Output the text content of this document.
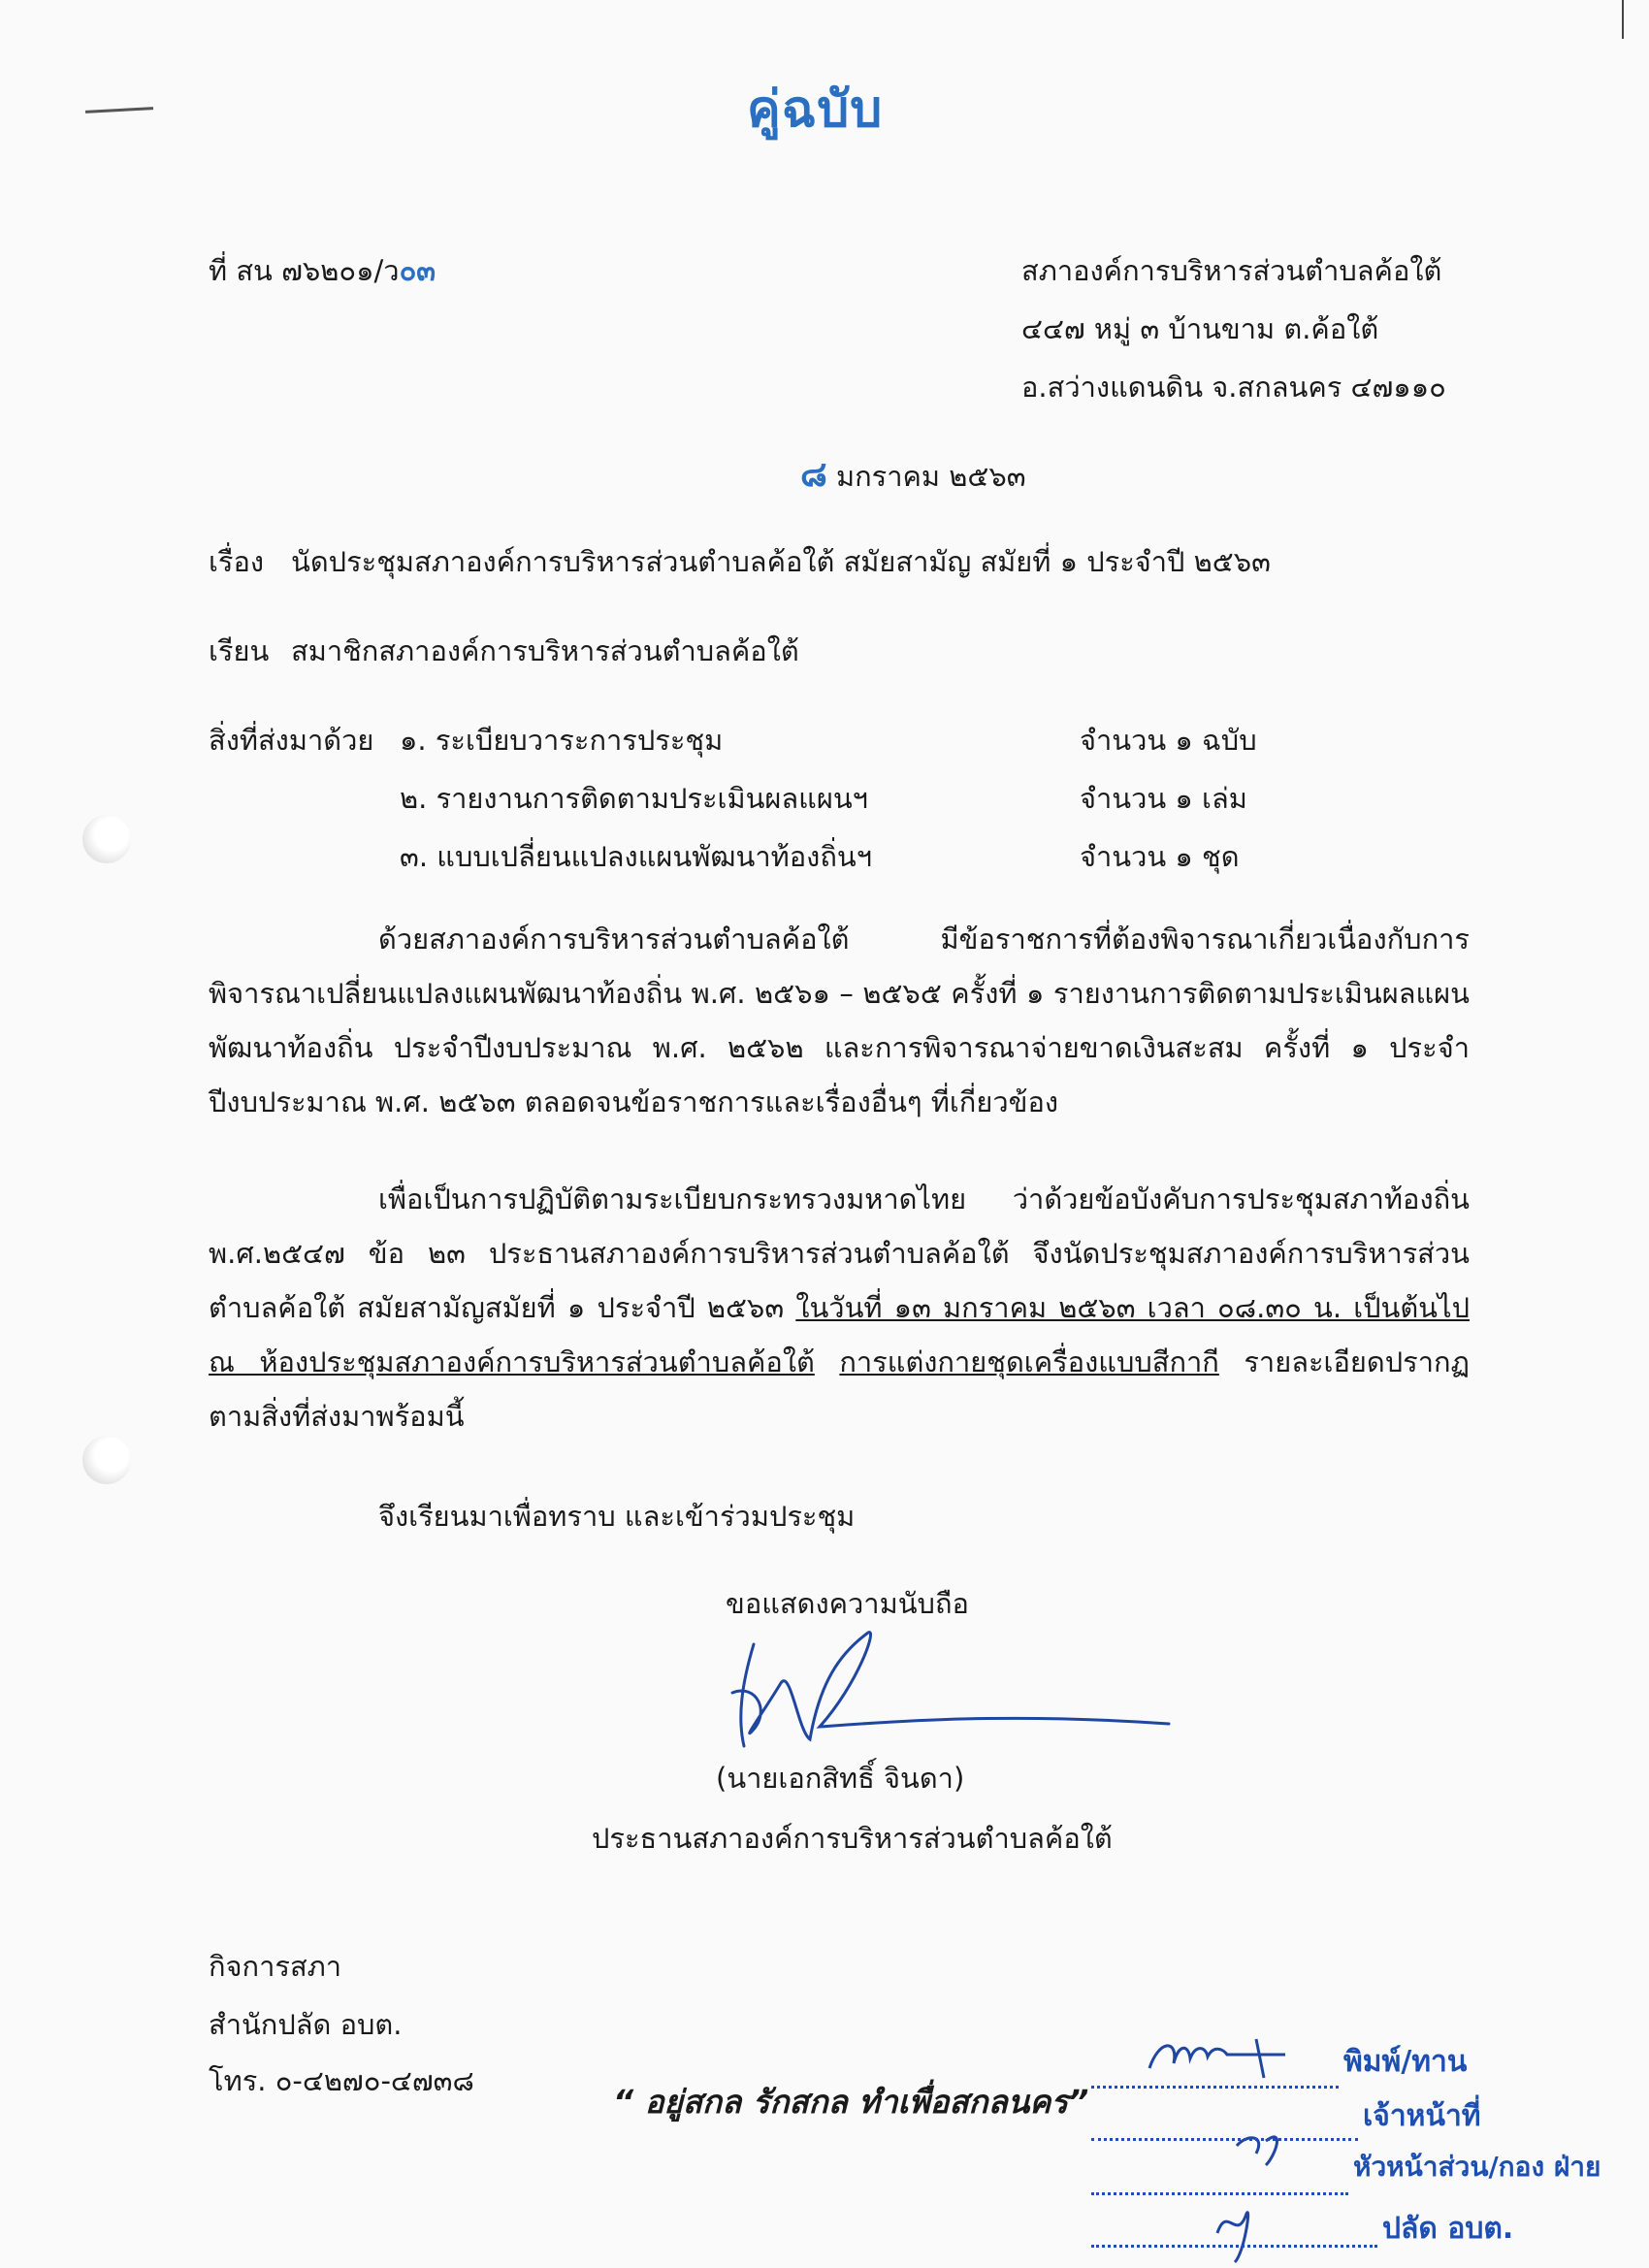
คู่ฉบับ
ที่ สน ๗๖๒๐๑/ว๐๓	สภาองค์การบริหารส่วนตำบลค้อใต้
๔๔๗ หมู่ ๓ บ้านขาม ต.ค้อใต้
อ.สว่างแดนดิน จ.สกลนคร ๔๗๑๑๐
๘ มกราคม ๒๕๖๓
เรื่อง นัดประชุมสภาองค์การบริหารส่วนตำบลค้อใต้ สมัยสามัญ สมัยที่ ๑ ประจำปี ๒๕๖๓
เรียน สมาชิกสภาองค์การบริหารส่วนตำบลค้อใต้
สิ่งที่ส่งมาด้วย ๑. ระเบียบวาระการประชุม	จำนวน ๑ ฉบับ
๒. รายงานการติดตามประเมินผลแผนฯ	จำนวน ๑ เล่ม
๓. แบบเปลี่ยนแปลงแผนพัฒนาท้องถิ่นฯ	จำนวน ๑ ชุด
ด้วยสภาองค์การบริหารส่วนตำบลค้อใต้ มีข้อราชการที่ต้องพิจารณาเกี่ยวเนื่องกับการพิจารณาเปลี่ยนแปลงแผนพัฒนาท้องถิ่น พ.ศ. ๒๕๖๑ – ๒๕๖๕ ครั้งที่ ๑ รายงานการติดตามประเมินผลแผนพัฒนาท้องถิ่น ประจำปีงบประมาณ พ.ศ. ๒๕๖๒ และการพิจารณาจ่ายขาดเงินสะสม ครั้งที่ ๑ ประจำปีงบประมาณ พ.ศ. ๒๕๖๓ ตลอดจนข้อราชการและเรื่องอื่นๆ ที่เกี่ยวข้อง
เพื่อเป็นการปฏิบัติตามระเบียบกระทรวงมหาดไทย ว่าด้วยข้อบังคับการประชุมสภาท้องถิ่น พ.ศ.๒๕๔๗ ข้อ ๒๓ ประธานสภาองค์การบริหารส่วนตำบลค้อใต้ จึงนัดประชุมสภาองค์การบริหารส่วนตำบลค้อใต้ สมัยสามัญสมัยที่ ๑ ประจำปี ๒๕๖๓ ในวันที่ ๑๓ มกราคม ๒๕๖๓ เวลา ๐๘.๓๐ น. เป็นต้นไป ณ ห้องประชุมสภาองค์การบริหารส่วนตำบลค้อใต้ การแต่งกายชุดเครื่องแบบสีกากี รายละเอียดปรากฏตามสิ่งที่ส่งมาพร้อมนี้
จึงเรียนมาเพื่อทราบ และเข้าร่วมประชุม
ขอแสดงความนับถือ
(นายเอกสิทธิ์ จินดา)
ประธานสภาองค์การบริหารส่วนตำบลค้อใต้
กิจการสภา
สำนักปลัด อบต.
โทร. ๐-๔๒๗๐-๔๗๓๘
“ อยู่สกล รักสกล ทำเพื่อสกลนคร”
พิมพ์/ทาน
เจ้าหน้าที่
หัวหน้าส่วน/กอง ฝ่าย
ปลัด อบต.
